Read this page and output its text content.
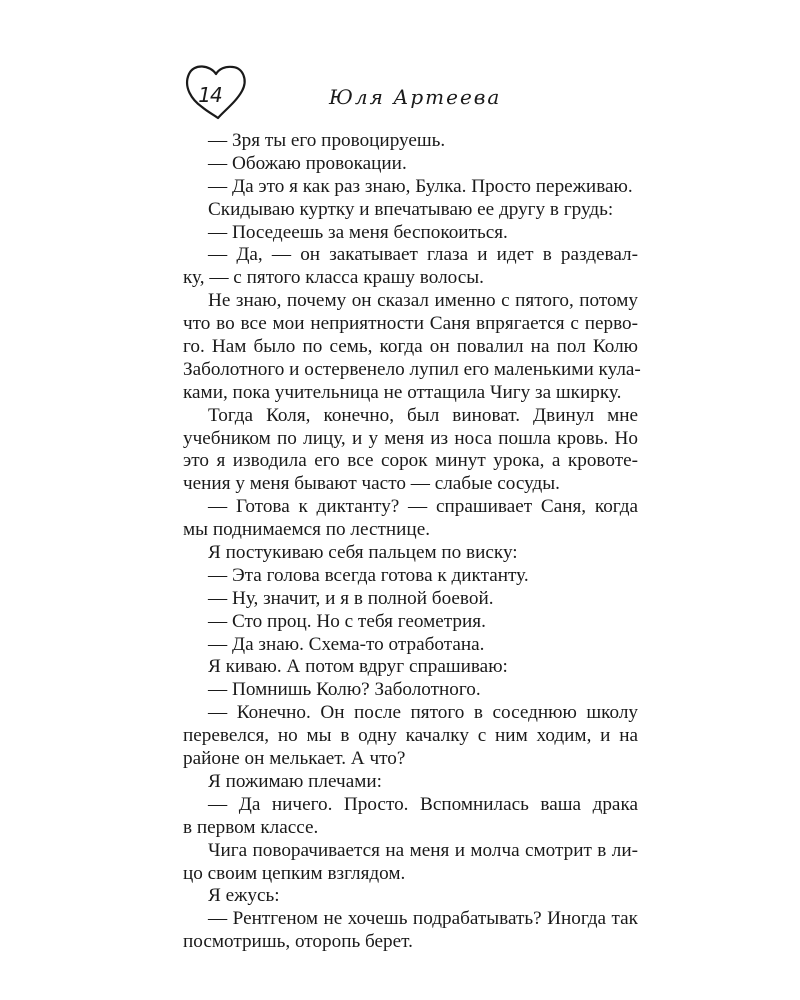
14	Юля Артеева
— Зря ты его провоцируешь.
— Обожаю провокации.
— Да это я как раз знаю, Булка. Просто переживаю.
Скидываю куртку и впечатываю ее другу в грудь:
— Поседеешь за меня беспокоиться.
— Да, — он закатывает глаза и идет в раздевал-
ку, — с пятого класса крашу волосы.
Не знаю, почему он сказал именно с пятого, потому
что во все мои неприятности Саня впрягается с перво-
го. Нам было по семь, когда он повалил на пол Колю
Заболотного и остервенело лупил его маленькими кула-
ками, пока учительница не оттащила Чигу за шкирку.
Тогда Коля, конечно, был виноват. Двинул мне
учебником по лицу, и у меня из носа пошла кровь. Но
это я изводила его все сорок минут урока, а кровоте-
чения у меня бывают часто — слабые сосуды.
— Готова к диктанту? — спрашивает Саня, когда
мы поднимаемся по лестнице.
Я постукиваю себя пальцем по виску:
— Эта голова всегда готова к диктанту.
— Ну, значит, и я в полной боевой.
— Сто проц. Но с тебя геометрия.
— Да знаю. Схема-то отработана.
Я киваю. А потом вдруг спрашиваю:
— Помнишь Колю? Заболотного.
— Конечно. Он после пятого в соседнюю школу
перевелся, но мы в одну качалку с ним ходим, и на
районе он мелькает. А что?
Я пожимаю плечами:
— Да ничего. Просто. Вспомнилась ваша драка
в первом классе.
Чига поворачивается на меня и молча смотрит в ли-
цо своим цепким взглядом.
Я ежусь:
— Рентгеном не хочешь подрабатывать? Иногда так
посмотришь, оторопь берет.
